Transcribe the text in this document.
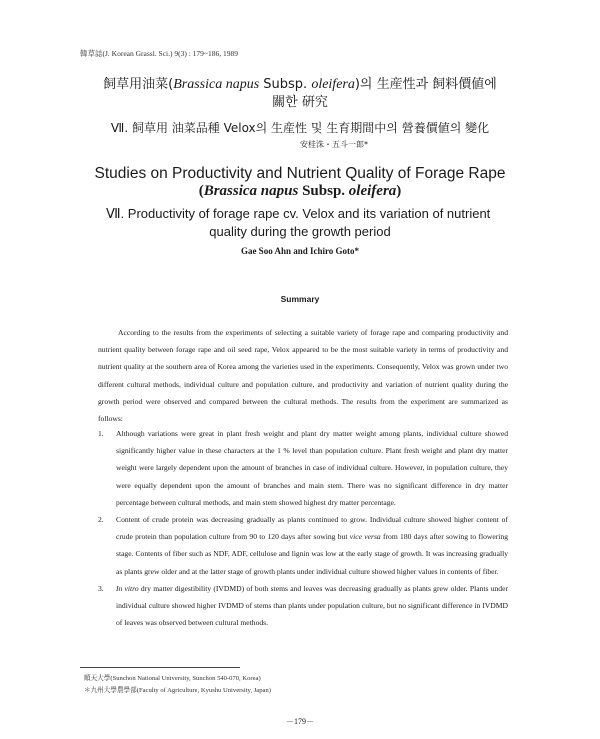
韓草誌(J. Korean Grassl. Sci.) 9(3) : 179~186, 1989
飼草用油菜(Brassica napus Subsp. oleifera)의 生産性과 飼料價値에
關한 硏究
Ⅶ. 飼草用 油菜品種 Velox의 生産性 및 生育期間中의 營養價値의 變化
安桂洙・五斗一郎*
Studies on Productivity and Nutrient Quality of Forage Rape
(Brassica napus Subsp. oleifera)
Ⅶ. Productivity of forage rape cv. Velox and its variation of nutrient
quality during the growth period
Gae Soo Ahn and Ichiro Goto*
Summary
According to the results from the experiments of selecting a suitable variety of forage rape and comparing productivity and nutrient quality between forage rape and oil seed rape, Velox appeared to be the most suitable variety in terms of productivity and nutrient quality at the southern area of Korea among the varieties used in the experiments. Consequently, Velox was grown under two different cultural methods, individual culture and population culture, and productivity and variation of nutrient quality during the growth period were observed and compared between the cultural methods. The results from the experiment are summarized as follows:
1. Although variations were great in plant fresh weight and plant dry matter weight among plants, individual culture showed significantly higher value in these characters at the 1 % level than population culture. Plant fresh weight and plant dry matter weight were largely dependent upon the amount of branches in case of individual culture. However, in population culture, they were equally dependent upon the amount of branches and main stem. There was no significant difference in dry matter percentage between cultural methods, and main stem showed highest dry matter percentage.
2. Content of crude protein was decreasing gradually as plants continued to grow. Individual culture showed higher content of crude protein than population culture from 90 to 120 days after sowing but vice versa from 180 days after sowing to flowering stage. Contents of fiber such as NDF, ADF, cellulose and lignin was low at the early stage of growth. It was increasing gradually as plants grew older and at the latter stage of growth plants under individual culture showed higher values in contents of fiber.
3. In vitro dry matter digestibility (IVDMD) of both stems and leaves was decreasing gradually as plants grew older. Plants under individual culture showed higher IVDMD of stems than plants under population culture, but no significant difference in IVDMD of leaves was observed between cultural methods.
順天大學(Sunchon National University, Sunchon 540-070, Korea)
＊九州大學農學部(Faculty of Agriculture, Kyushu University, Japan)
－179－
